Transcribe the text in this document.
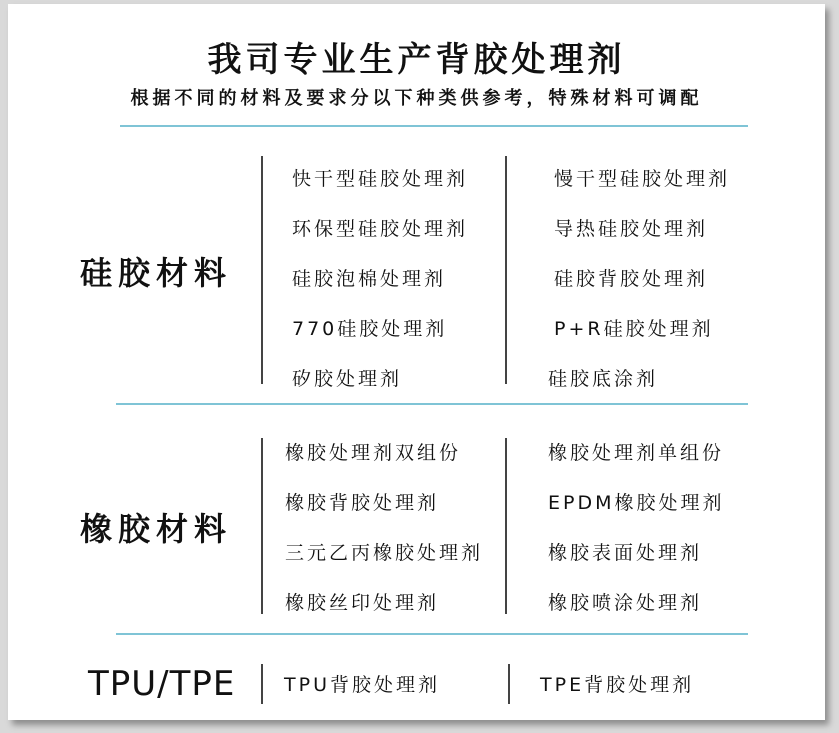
我司专业生产背胶处理剂
根据不同的材料及要求分以下种类供参考，特殊材料可调配
硅胶材料
快干型硅胶处理剂
环保型硅胶处理剂
硅胶泡棉处理剂
770硅胶处理剂
矽胶处理剂
慢干型硅胶处理剂
导热硅胶处理剂
硅胶背胶处理剂
P+R硅胶处理剂
硅胶底涂剂
橡胶材料
橡胶处理剂双组份
橡胶背胶处理剂
三元乙丙橡胶处理剂
橡胶丝印处理剂
橡胶处理剂单组份
EPDM橡胶处理剂
橡胶表面处理剂
橡胶喷涂处理剂
TPU/TPE	TPU背胶处理剂	TPE背胶处理剂
